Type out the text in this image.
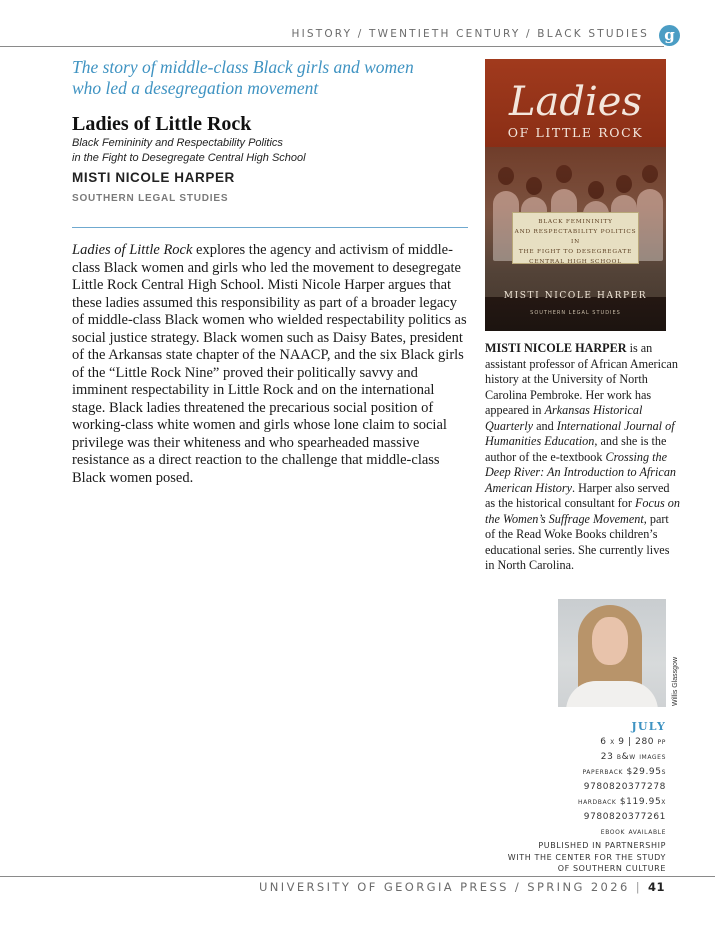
HISTORY / TWENTIETH CENTURY / BLACK STUDIES	g
The story of middle-class Black girls and women who led a desegregation movement
Ladies of Little Rock
Black Femininity and Respectability Politics
in the Fight to Desegregate Central High School
MISTI NICOLE HARPER
SOUTHERN LEGAL STUDIES
Ladies of Little Rock explores the agency and activism of middle-class Black women and girls who led the movement to desegregate Little Rock Central High School. Misti Nicole Harper argues that these ladies assumed this responsibility as part of a broader legacy of middle-class Black women who wielded respectability politics as social justice strategy. Black women such as Daisy Bates, president of the Arkansas state chapter of the NAACP, and the six Black girls of the “Little Rock Nine” proved their politically savvy and imminent respectability in Little Rock and on the international stage. Black ladies threatened the precarious social position of working-class white women and girls whose lone claim to social privilege was their whiteness and who spearheaded massive resistance as a direct reaction to the challenge that middle-class Black women posed.
Ladies
OF LITTLE ROCK
BLACK FEMININITY
AND RESPECTABILITY POLITICS IN
THE FIGHT TO DESEGREGATE
CENTRAL HIGH SCHOOL
MISTI NICOLE HARPER
SOUTHERN LEGAL STUDIES
MISTI NICOLE HARPER is an assistant professor of African American history at the University of North Carolina Pembroke. Her work has appeared in Arkansas Historical Quarterly and International Journal of Humanities Education, and she is the author of the e-textbook Crossing the Deep River: An Introduction to African American History. Harper also served as the historical consultant for Focus on the Women’s Suffrage Movement, part of the Read Woke Books children’s educational series. She currently lives in North Carolina.
Willis Glassgow
JULY
6 x 9 | 280 pp
23 b&w images
paperback $29.95s
9780820377278
hardback $119.95x
9780820377261
ebook available
PUBLISHED IN PARTNERSHIP
WITH THE CENTER FOR THE STUDY
OF SOUTHERN CULTURE
UNIVERSITY OF GEORGIA PRESS / SPRING 2026 | 41
